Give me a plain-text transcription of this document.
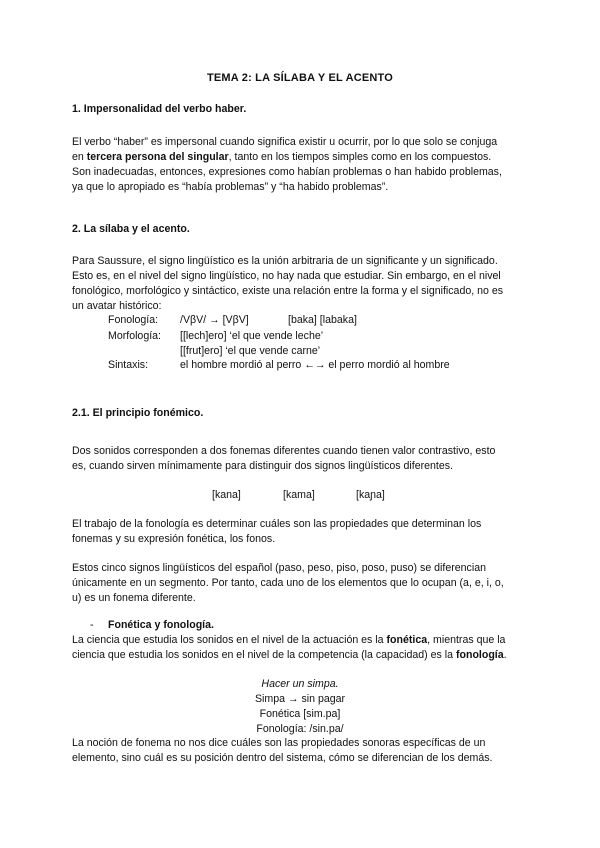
TEMA 2: LA SÍLABA Y EL ACENTO
1. Impersonalidad del verbo haber.
El verbo “haber” es impersonal cuando significa existir u ocurrir, por lo que solo se conjuga
en tercera persona del singular, tanto en los tiempos simples como en los compuestos.
Son inadecuadas, entonces, expresiones como habían problemas o han habido problemas,
ya que lo apropiado es “había problemas” y “ha habido problemas”.
2. La sílaba y el acento.
Para Saussure, el signo lingüístico es la unión arbitraria de un significante y un significado.
Esto es, en el nivel del signo lingüístico, no hay nada que estudiar. Sin embargo, en el nivel
fonológico, morfológico y sintáctico, existe una relación entre la forma y el significado, no es
un avatar histórico:
Fonología: /VβV/ → [VβV]	[baka] [labaka]
Morfología: [[lech]ero] ‘el que vende leche’
[[frut]ero] ‘el que vende carne’
Sintaxis:	el hombre mordió al perro ←→ el perro mordió al hombre
2.1. El principio fonémico.
Dos sonidos corresponden a dos fonemas diferentes cuando tienen valor contrastivo, esto
es, cuando sirven mínimamente para distinguir dos signos lingüísticos diferentes.
[kana]	[kama]	[kaɲa]
El trabajo de la fonología es determinar cuáles son las propiedades que determinan los
fonemas y su expresión fonética, los fonos.
Estos cinco signos lingüísticos del español (paso, peso, piso, poso, puso) se diferencian
únicamente en un segmento. Por tanto, cada uno de los elementos que lo ocupan (a, e, i, o,
u) es un fonema diferente.
- Fonética y fonología.
La ciencia que estudia los sonidos en el nivel de la actuación es la fonética, mientras que la
ciencia que estudia los sonidos en el nivel de la competencia (la capacidad) es la fonología.
Hacer un simpa.
Simpa → sin pagar
Fonética [sim.pa]
Fonología: /sin.pa/
La noción de fonema no nos dice cuáles son las propiedades sonoras específicas de un
elemento, sino cuál es su posición dentro del sistema, cómo se diferencian de los demás.
